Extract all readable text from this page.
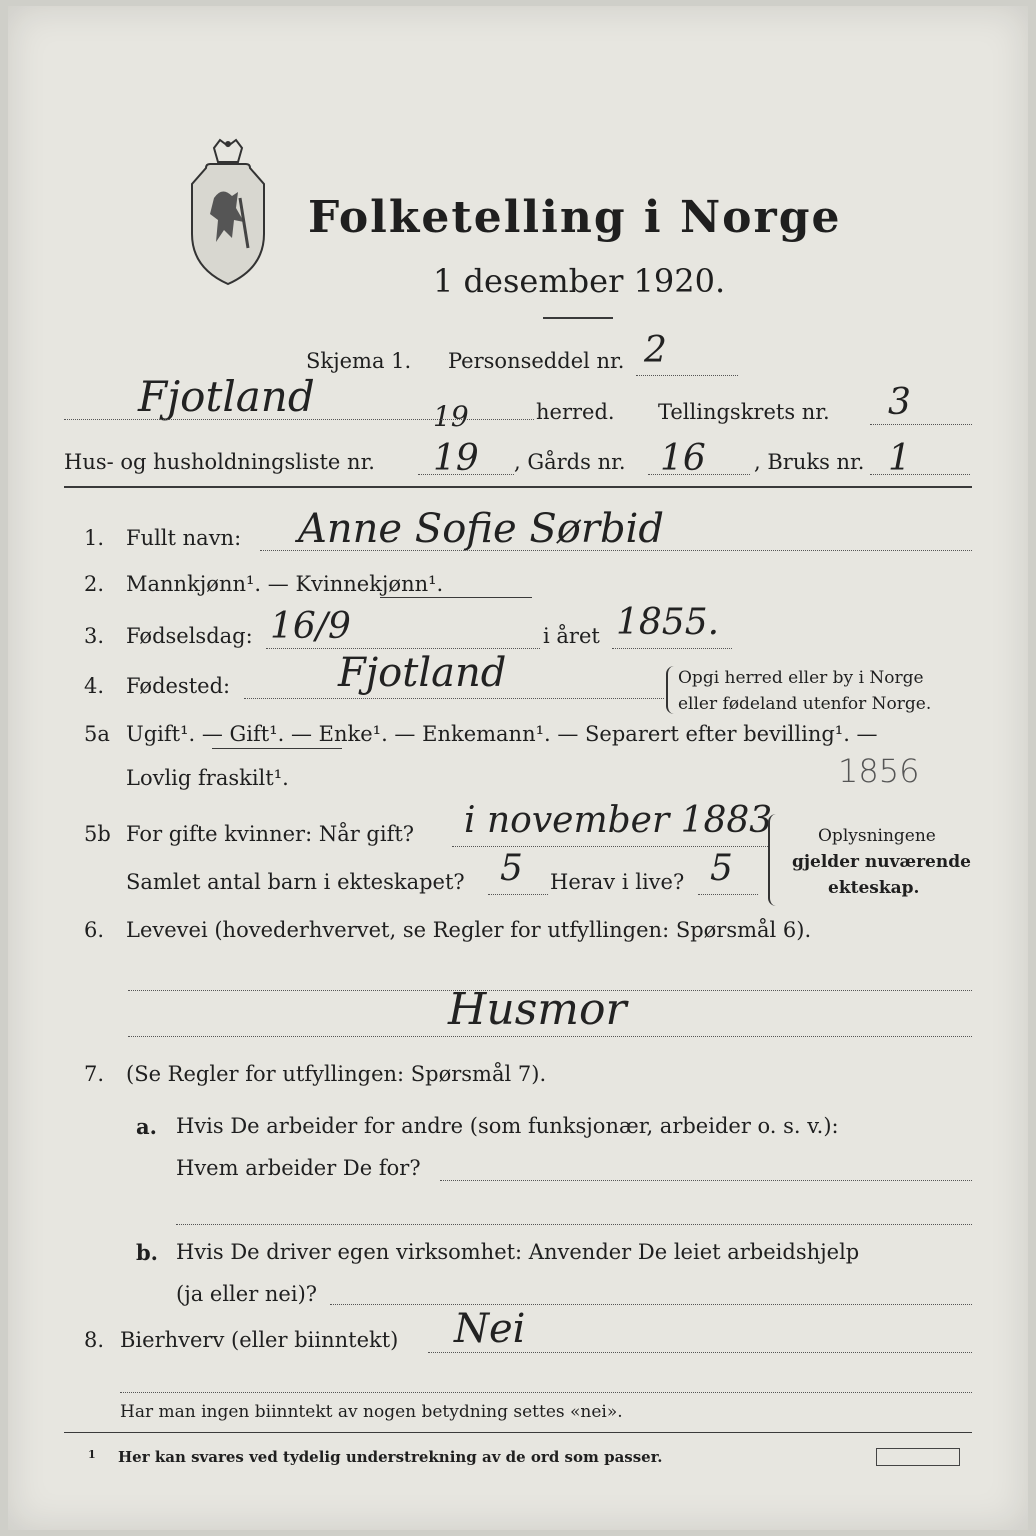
Folketelling i Norge
1 desember 1920.
Skjema 1. Personseddel nr. 2
Fjotland	19	herred. Tellingskrets nr. 3
Hus- og husholdningsliste nr. 19 , Gårds nr. 16 , Bruks nr. 1
1. Fullt navn: Anne Sofie Sørbid
2. Mannkjønn¹. — Kvinnekjønn¹.
3. Fødselsdag: 16/9	i året 1855.
4. Fødested:	Fjotland	Opgi herred eller by i Norge
eller fødeland utenfor Norge.
5a Ugift¹. — Gift¹. — Enke¹. — Enkemann¹. — Separert efter bevilling¹. —
Lovlig fraskilt¹.	1856
5b For gifte kvinner: Når gift? i november 1883
Samlet antal barn i ekteskapet? 5 Herav i live? 5
Oplysningene
gjelder nuværende
ekteskap.
6. Levevei (hovederhvervet, se Regler for utfyllingen: Spørsmål 6).
Husmor
7. (Se Regler for utfyllingen: Spørsmål 7).
a. Hvis De arbeider for andre (som funksjonær, arbeider o. s. v.):
Hvem arbeider De for?
b. Hvis De driver egen virksomhet: Anvender De leiet arbeidshjelp
(ja eller nei)?
8. Bierhverv (eller biinntekt) Nei
Har man ingen biinntekt av nogen betydning settes «nei».
1 Her kan svares ved tydelig understrekning av de ord som passer.
